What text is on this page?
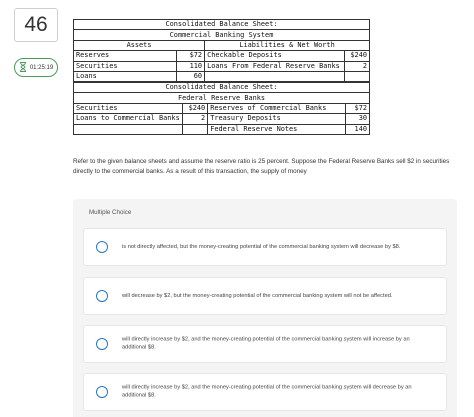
46
01:25:19
Consolidated Balance Sheet:			
Commercial Banking System			
Assets		Liabilities & Net Worth	
Reserves	$72	Checkable Deposits	$240
Securities	110	Loans From Federal Reserve Banks	2
Loans	60		
Consolidated Balance Sheet:			
Federal Reserve Banks			
Securities	$240	Reserves of Commercial Banks	$72
Loans to Commercial Banks	2	Treasury Deposits	30
		Federal Reserve Notes	140

Refer to the given balance sheets and assume the reserve ratio is 25 percent. Suppose the Federal Reserve Banks sell $2 in securities directly to the commercial banks. As a result of this transaction, the supply of money

Multiple Choice
is not directly affected, but the money-creating potential of the commercial banking system will decrease by $8.
will decrease by $2, but the money-creating potential of the commercial banking system will not be affected.
will directly increase by $2, and the money-creating potential of the commercial banking system will increase by an additional $8.
will directly increase by $2, and the money-creating potential of the commercial banking system will decrease by an additional $8.
